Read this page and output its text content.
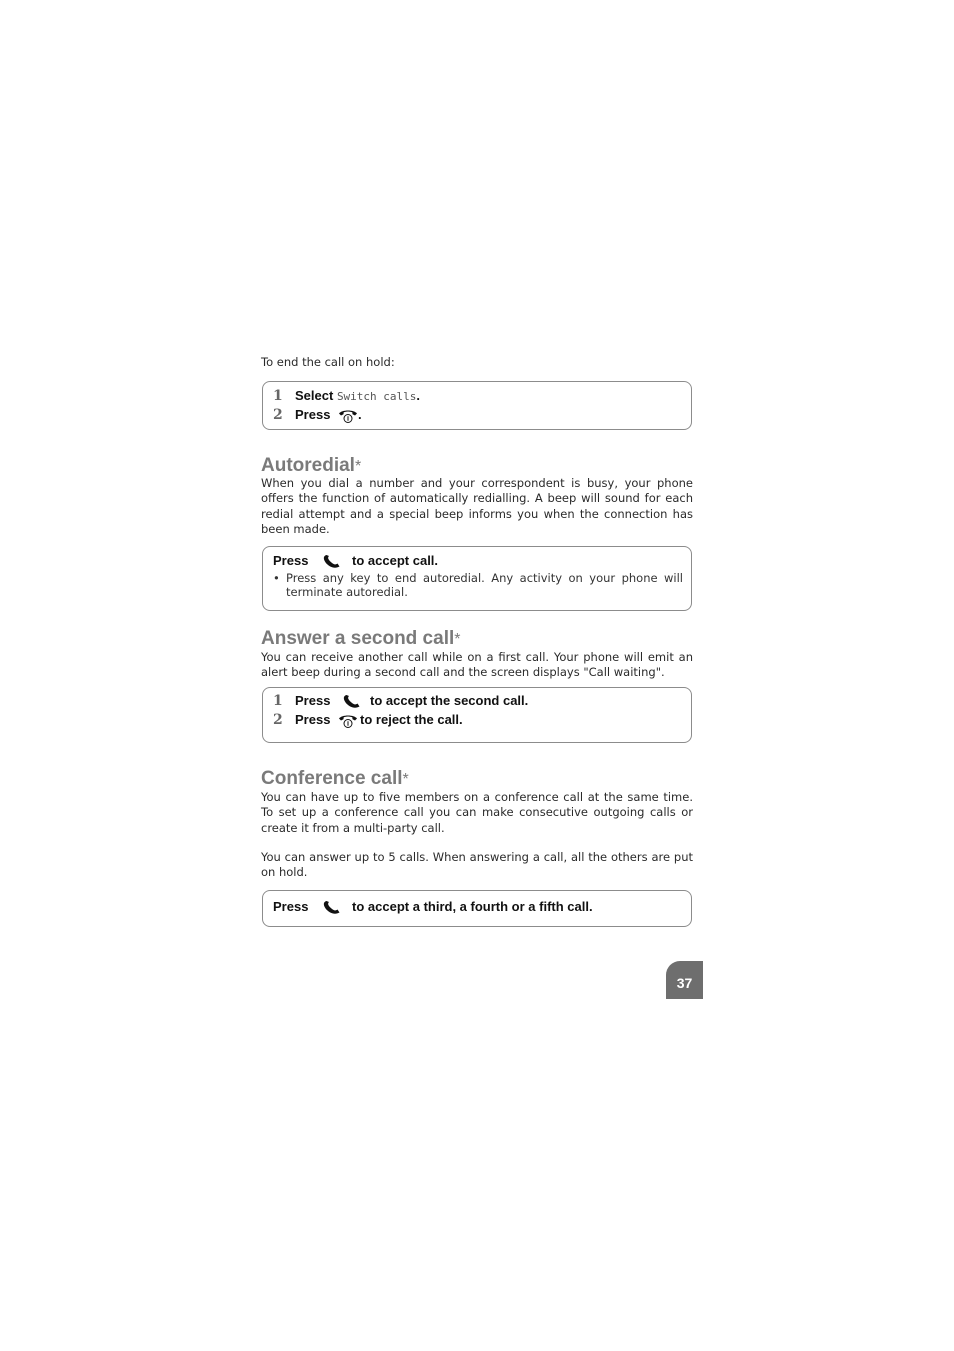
To end the call on hold:

1 Select Switch calls.
2 Press .
Autoredial*

When you dial a number and your correspondent is busy, your phone offers the function of automatically redialling. A beep will sound for each redial attempt and a special beep informs you when the connection has been made.

Press	to accept call.
• Press any key to end autoredial. Any activity on your phone will terminate autoredial.
Answer a second call*

You can receive another call while on a first call. Your phone will emit an alert beep during a second call and the screen displays "Call waiting".

1 Press	to accept the second call.
2 Press to reject the call.
Conference call*

You can have up to five members on a conference call at the same time. To set up a conference call you can make consecutive outgoing calls or create it from a multi-party call.

You can answer up to 5 calls. When answering a call, all the others are put on hold.

Press	to accept a third, a fourth or a fifth call.
37
